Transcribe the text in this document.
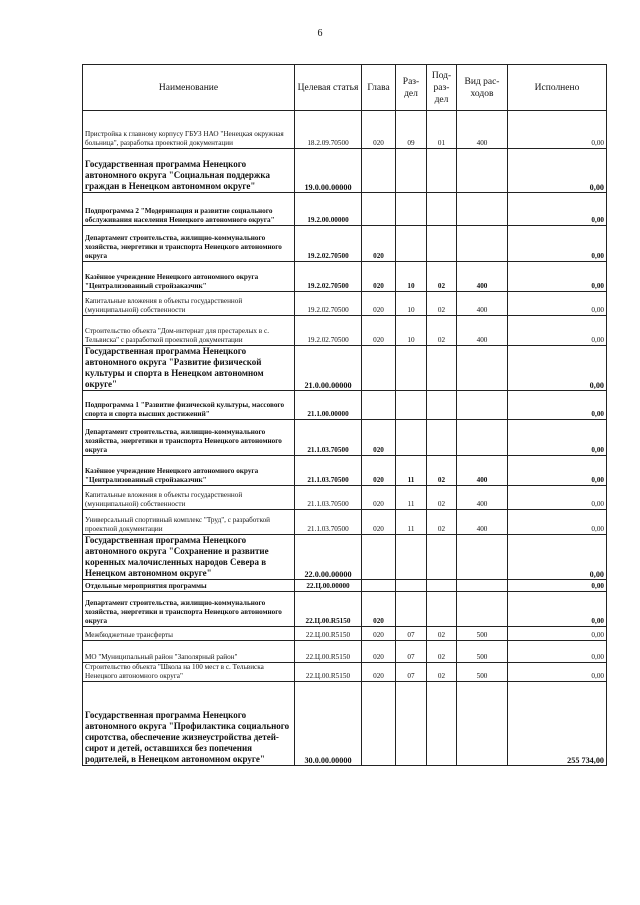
6
Наименование	Целевая статья	Глава	Раз-дел	Под-раз-дел	Вид рас-ходов	Исполнено
Пристройка к главному корпусу ГБУЗ НАО "Ненецкая окружная больница", разработка проектной документации	18.2.09.70500	020	09	01	400	0,00
Государственная программа Ненецкого автономного округа "Социальная поддержка граждан в Ненецком автономном округе"	19.0.00.00000					0,00
Подпрограмма 2 "Модернизация и развитие социального обслуживания населения Ненецкого автономного округа"	19.2.00.00000					0,00
Департамент строительства, жилищно-коммунального хозяйства, энергетики и транспорта Ненецкого автономного округа	19.2.02.70500	020				0,00
Казённое учреждение Ненецкого автономного округа "Централизованный стройзаказчик"	19.2.02.70500	020	10	02	400	0,00
Капитальные вложения в объекты государственной (муниципальной) собственности	19.2.02.70500	020	10	02	400	0,00
Строительство объекта "Дом-интернат для престарелых в с. Тельвиска" с разработкой проектной документации	19.2.02.70500	020	10	02	400	0,00
Государственная программа Ненецкого автономного округа "Развитие физической культуры и спорта в Ненецком автономном округе"	21.0.00.00000					0,00
Подпрограмма 1 "Развитие физической культуры, массового спорта и спорта высших достижений"	21.1.00.00000					0,00
Департамент строительства, жилищно-коммунального хозяйства, энергетики и транспорта Ненецкого автономного округа	21.1.03.70500	020				0,00
Казённое учреждение Ненецкого автономного округа "Централизованный стройзаказчик"	21.1.03.70500	020	11	02	400	0,00
Капитальные вложения в объекты государственной (муниципальной) собственности	21.1.03.70500	020	11	02	400	0,00
Универсальный спортивный комплекс "Труд", с разработкой проектной документации	21.1.03.70500	020	11	02	400	0,00
Государственная программа Ненецкого автономного округа "Сохранение и развитие коренных малочисленных народов Севера в Ненецком автономном округе"	22.0.00.00000					0,00
Отдельные мероприятия программы	22.Ц.00.00000					0,00
Департамент строительства, жилищно-коммунального хозяйства, энергетики и транспорта Ненецкого автономного округа	22.Ц.00.R5150	020				0,00
Межбюджетные трансферты	22.Ц.00.R5150	020	07	02	500	0,00
МО "Муниципальный район "Заполярный район"	22.Ц.00.R5150	020	07	02	500	0,00
Строительство объекта "Школа на 100 мест в с. Тельвиска Ненецкого автономного округа"	22.Ц.00.R5150	020	07	02	500	0,00
Государственная программа Ненецкого автономного округа "Профилактика социального сиротства, обеспечение жизнеустройства детей-сирот и детей, оставшихся без попечения родителей, в Ненецком автономном округе"	30.0.00.00000					255 734,00
